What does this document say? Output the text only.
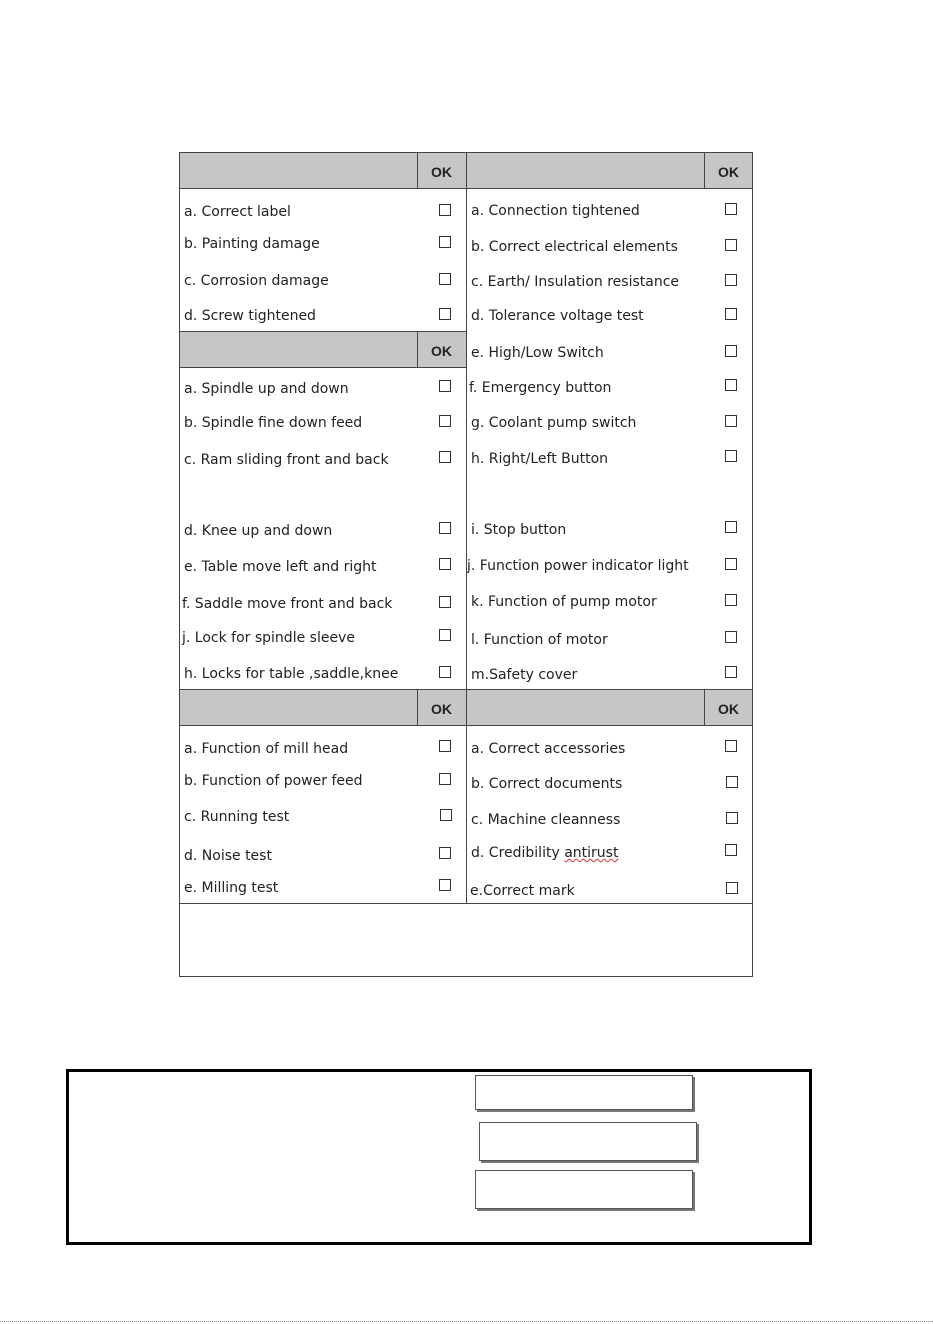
OK	OK
OK
OK	OK
a. Correct label
b. Painting damage
c. Corrosion damage
d. Screw tightened
a. Spindle up and down
b. Spindle fine down feed
c. Ram sliding front and back
d. Knee up and down
e. Table move left and right
f. Saddle move front and back
j. Lock for spindle sleeve
h. Locks for table ,saddle,knee
a. Connection tightened
b. Correct electrical elements
c. Earth/ Insulation resistance
d. Tolerance voltage test
e. High/Low Switch
f. Emergency button
g. Coolant pump switch
h. Right/Left Button
i. Stop button
j. Function power indicator light
k. Function of pump motor
l. Function of motor
m.Safety cover
a. Function of mill head
b. Function of power feed
c. Running test
d. Noise test
e. Milling test
a. Correct accessories
b. Correct documents
c. Machine cleanness
d. Credibility antirust
e.Correct mark
